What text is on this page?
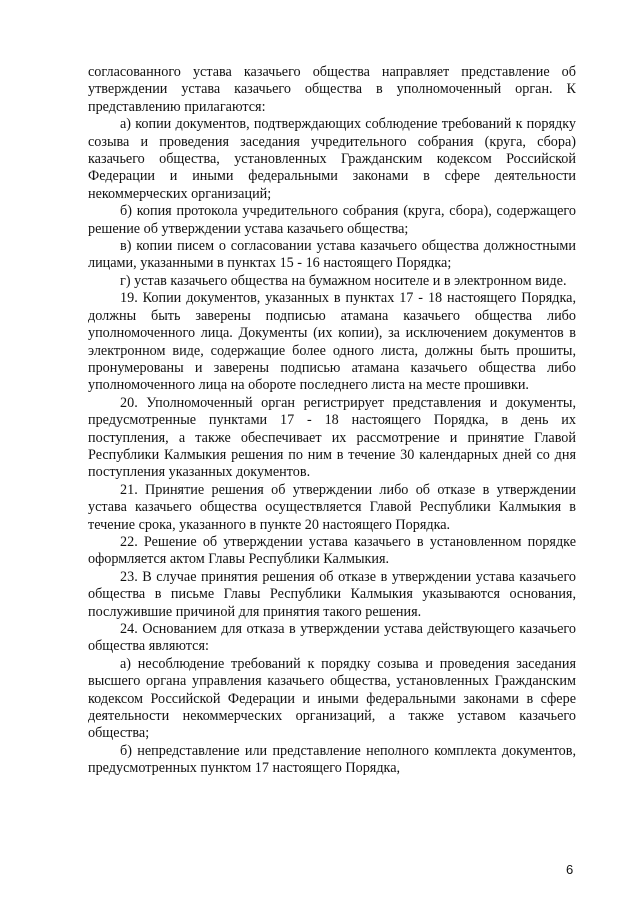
согласованного устава казачьего общества направляет представление об утверждении устава казачьего общества в уполномоченный орган. К представлению прилагаются:

а) копии документов, подтверждающих соблюдение требований к порядку созыва и проведения заседания учредительного собрания (круга, сбора) казачьего общества, установленных Гражданским кодексом Российской Федерации и иными федеральными законами в сфере деятельности некоммерческих организаций;

б) копия протокола учредительного собрания (круга, сбора), содержащего решение об утверждении устава казачьего общества;

в) копии писем о согласовании устава казачьего общества должностными лицами, указанными в пунктах 15 - 16 настоящего Порядка;

г) устав казачьего общества на бумажном носителе и в электронном виде.

19. Копии документов, указанных в пунктах 17 - 18 настоящего Порядка, должны быть заверены подписью атамана казачьего общества либо уполномоченного лица. Документы (их копии), за исключением документов в электронном виде, содержащие более одного листа, должны быть прошиты, пронумерованы и заверены подписью атамана казачьего общества либо уполномоченного лица на обороте последнего листа на месте прошивки.

20. Уполномоченный орган регистрирует представления и документы, предусмотренные пунктами 17 - 18 настоящего Порядка, в день их поступления, а также обеспечивает их рассмотрение и принятие Главой Республики Калмыкия решения по ним в течение 30 календарных дней со дня поступления указанных документов.

21. Принятие решения об утверждении либо об отказе в утверждении устава казачьего общества осуществляется Главой Республики Калмыкия в течение срока, указанного в пункте 20 настоящего Порядка.

22. Решение об утверждении устава казачьего в установленном порядке оформляется актом Главы Республики Калмыкия.

23. В случае принятия решения об отказе в утверждении устава казачьего общества в письме Главы Республики Калмыкия указываются основания, послужившие причиной для принятия такого решения.

24. Основанием для отказа в утверждении устава действующего казачьего общества являются:

а) несоблюдение требований к порядку созыва и проведения заседания высшего органа управления казачьего общества, установленных Гражданским кодексом Российской Федерации и иными федеральными законами в сфере деятельности некоммерческих организаций, а также уставом казачьего общества;

б) непредставление или представление неполного комплекта документов, предусмотренных пунктом 17 настоящего Порядка,

6
